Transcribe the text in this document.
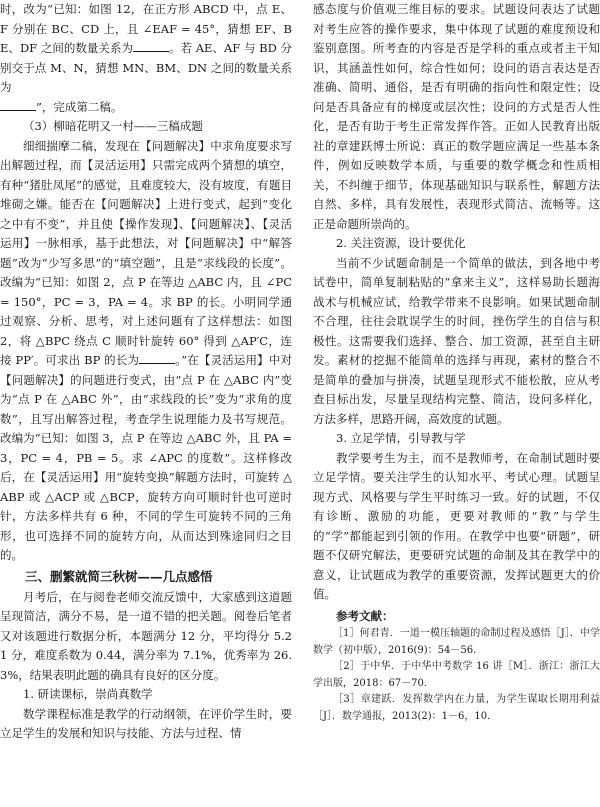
时，改为“已知：如图 12，在正方形 ABCD 中，点 E、F 分别在 BC、CD 上，且 ∠EAF = 45°，猜想 EF、BE、DF 之间的数量关系为	。若 AE、AF 与 BD 分别交于点 M、N，猜想 MN、BM、DN 之间的数量关系为

”，完成第二稿。

（3）柳暗花明又一村——三稿成题

细细揣摩二稿，发现在【问题解决】中求角度要求写出解题过程，而【灵活运用】只需完成两个猜想的填空，有种“猪肚凤尾”的感觉，且难度较大，没有坡度，有题目堆砌之嫌。能否在【问题解决】上进行变式，起到“变化之中有不变”，并且使【操作发现】、【问题解决】、【灵活运用】一脉相承，基于此想法，对【问题解决】中“解答题”改为“少写多思”的“填空题”，且是“求线段的长度”。改编为“已知：如图 2，点 P 在等边 △ABC 内，且 ∠PC = 150°，PC = 3，PA = 4。求 BP 的长。小明同学通过观察、分析、思考，对上述问题有了这样想法：如图 2，将 △BPC 绕点 C 顺时针旋转 60° 得到 △AP′C，连接 PP′。可求出 BP 的长为	。”在【灵活运用】中对【问题解决】的问题进行变式，由“点 P 在 △ABC 内”变为“点 P 在 △ABC 外”，由“求线段的长”变为“求角的度数”，且写出解答过程，考查学生说理能力及书写规范。改编为“已知：如图 3，点 P 在等边 △ABC 外，且 PA = 3，PC = 4，PB = 5。求 ∠APC 的度数”。这样修改后，在【灵活运用】用“旋转变换”解题方法时，可旋转 △ABP 或 △ACP 或 △BCP，旋转方向可顺时针也可逆时针，方法多样共有 6 种，不同的学生可旋转不同的三角形，也可选择不同的旋转方向，从而达到殊途同归之目的。

三、删繁就简三秋树——几点感悟

月考后，在与阅卷老师交流反馈中，大家感到这道题呈现简洁，满分不易，是一道不错的把关题。阅卷后笔者又对该题进行数据分析，本题满分 12 分，平均得分 5.21 分，难度系数为 0.44，满分率为 7.1%，优秀率为 26.3%，结果表明此题的确具有良好的区分度。

1. 研读课标，崇尚真数学

数学课程标准是教学的行动纲领，在评价学生时，要立足学生的发展和知识与技能、方法与过程、情

感态度与价值观三维目标的要求。试题设问表达了试题对考生应答的操作要求，集中体现了试题的难度预设和鉴别意图。所考查的内容是否是学科的重点或者主干知识，其涵盖性如何，综合性如何；设问的语言表达是否准确、简明、通俗，是否有明确的指向性和限定性；设问是否具备应有的梯度或层次性；设问的方式是否人性化，是否有助于考生正常发挥作答。正如人民教育出版社的章建跃博士所说：真正的数学题应满足一些基本条件，例如反映数学本质，与重要的数学概念和性质相关，不纠缠于细节，体现基础知识与联系性，解题方法自然、多样，具有发展性，表现形式简洁、流畅等。这正是命题所崇尚的。

2. 关注资源，设计要优化

当前不少试题命制是一个简单的做法，到各地中考试卷中，简单复制粘贴的“拿来主义”，这样易助长题海战术与机械应试，给教学带来不良影响。如果试题命制不合理，往往会耽误学生的时间，挫伤学生的自信与积极性。这需要我们选择、整合、加工资源，甚至自主研发。素材的挖掘不能简单的选择与再现，素材的整合不是简单的叠加与拼凑，试题呈现形式不能松散，应从考查目标出发，尽量呈现结构完整、简洁，设问多样化，方法多样，思路开阔，高效度的试题。

3. 立足学情，引导教与学

教学要考生为主，而不是教师考，在命制试题时要立足学情。要关注学生的认知水平、考试心理。试题呈现方式、风格要与学生平时练习一致。好的试题，不仅有诊断、激励的功能，更要对教师的“教”与学生的“学”都能起到引领的作用。在教学中也要“研题”，研题不仅研究解法，更要研究试题的命制及其在教学中的意义，让试题成为教学的重要资源，发挥试题更大的价值。

参考文献：

［1］何君青．一道一模压轴题的命制过程及感悟［J］．中学数学（初中版），2016(9)：54－56．

［2］于中华．于中华中考数学 16 讲［M］．浙江：浙江大学出版，2018：67－70．

［3］章建跃．发挥数学内在力量，为学生谋取长期用利益［J］．数学通报，2013(2)：1－6，10．
